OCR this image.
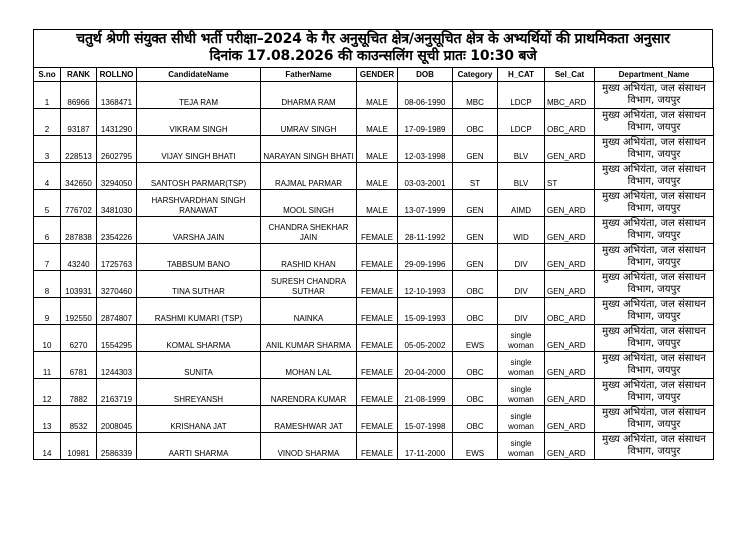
चतुर्थ श्रेणी संयुक्त सीधी भर्ती परीक्षा–2024 के गैर अनुसूचित क्षेत्र/अनुसूचित क्षेत्र के अभ्यर्थियों की प्राथमिकता अनुसार
दिनांक 17.08.2026 की काउन्सलिंग सूची प्रातः 10:30 बजे
S.no	RANK	ROLLNO	CandidateName	FatherName	GENDER	DOB	Category	H_CAT	Sel_Cat	Department_Name
1	86966	1368471	TEJA RAM	DHARMA RAM	MALE	08-06-1990	MBC	LDCP	MBC_ARD	मुख्य अभियंता, जल संसाधन विभाग, जयपुर
2	93187	1431290	VIKRAM SINGH	UMRAV SINGH	MALE	17-09-1989	OBC	LDCP	OBC_ARD	मुख्य अभियंता, जल संसाधन विभाग, जयपुर
3	228513	2602795	VIJAY SINGH BHATI	NARAYAN SINGH BHATI	MALE	12-03-1998	GEN	BLV	GEN_ARD	मुख्य अभियंता, जल संसाधन विभाग, जयपुर
4	342650	3294050	SANTOSH PARMAR(TSP)	RAJMAL PARMAR	MALE	03-03-2001	ST	BLV	ST	मुख्य अभियंता, जल संसाधन विभाग, जयपुर
5	776702	3481030	HARSHVARDHAN SINGH RANAWAT	MOOL SINGH	MALE	13-07-1999	GEN	AIMD	GEN_ARD	मुख्य अभियंता, जल संसाधन विभाग, जयपुर
6	287838	2354226	VARSHA JAIN	CHANDRA SHEKHAR JAIN	FEMALE	28-11-1992	GEN	WID	GEN_ARD	मुख्य अभियंता, जल संसाधन विभाग, जयपुर
7	43240	1725763	TABBSUM BANO	RASHID KHAN	FEMALE	29-09-1996	GEN	DIV	GEN_ARD	मुख्य अभियंता, जल संसाधन विभाग, जयपुर
8	103931	3270460	TINA SUTHAR	SURESH CHANDRA SUTHAR	FEMALE	12-10-1993	OBC	DIV	GEN_ARD	मुख्य अभियंता, जल संसाधन विभाग, जयपुर
9	192550	2874807	RASHMI KUMARI (TSP)	NAINKA	FEMALE	15-09-1993	OBC	DIV	OBC_ARD	मुख्य अभियंता, जल संसाधन विभाग, जयपुर
10	6270	1554295	KOMAL SHARMA	ANIL KUMAR SHARMA	FEMALE	05-05-2002	EWS	single woman	GEN_ARD	मुख्य अभियंता, जल संसाधन विभाग, जयपुर
11	6781	1244303	SUNITA	MOHAN LAL	FEMALE	20-04-2000	OBC	single woman	GEN_ARD	मुख्य अभियंता, जल संसाधन विभाग, जयपुर
12	7882	2163719	SHREYANSH	NARENDRA KUMAR	FEMALE	21-08-1999	OBC	single woman	GEN_ARD	मुख्य अभियंता, जल संसाधन विभाग, जयपुर
13	8532	2008045	KRISHANA JAT	RAMESHWAR JAT	FEMALE	15-07-1998	OBC	single woman	GEN_ARD	मुख्य अभियंता, जल संसाधन विभाग, जयपुर
14	10981	2586339	AARTI SHARMA	VINOD SHARMA	FEMALE	17-11-2000	EWS	single woman	GEN_ARD	मुख्य अभियंता, जल संसाधन विभाग, जयपुर
